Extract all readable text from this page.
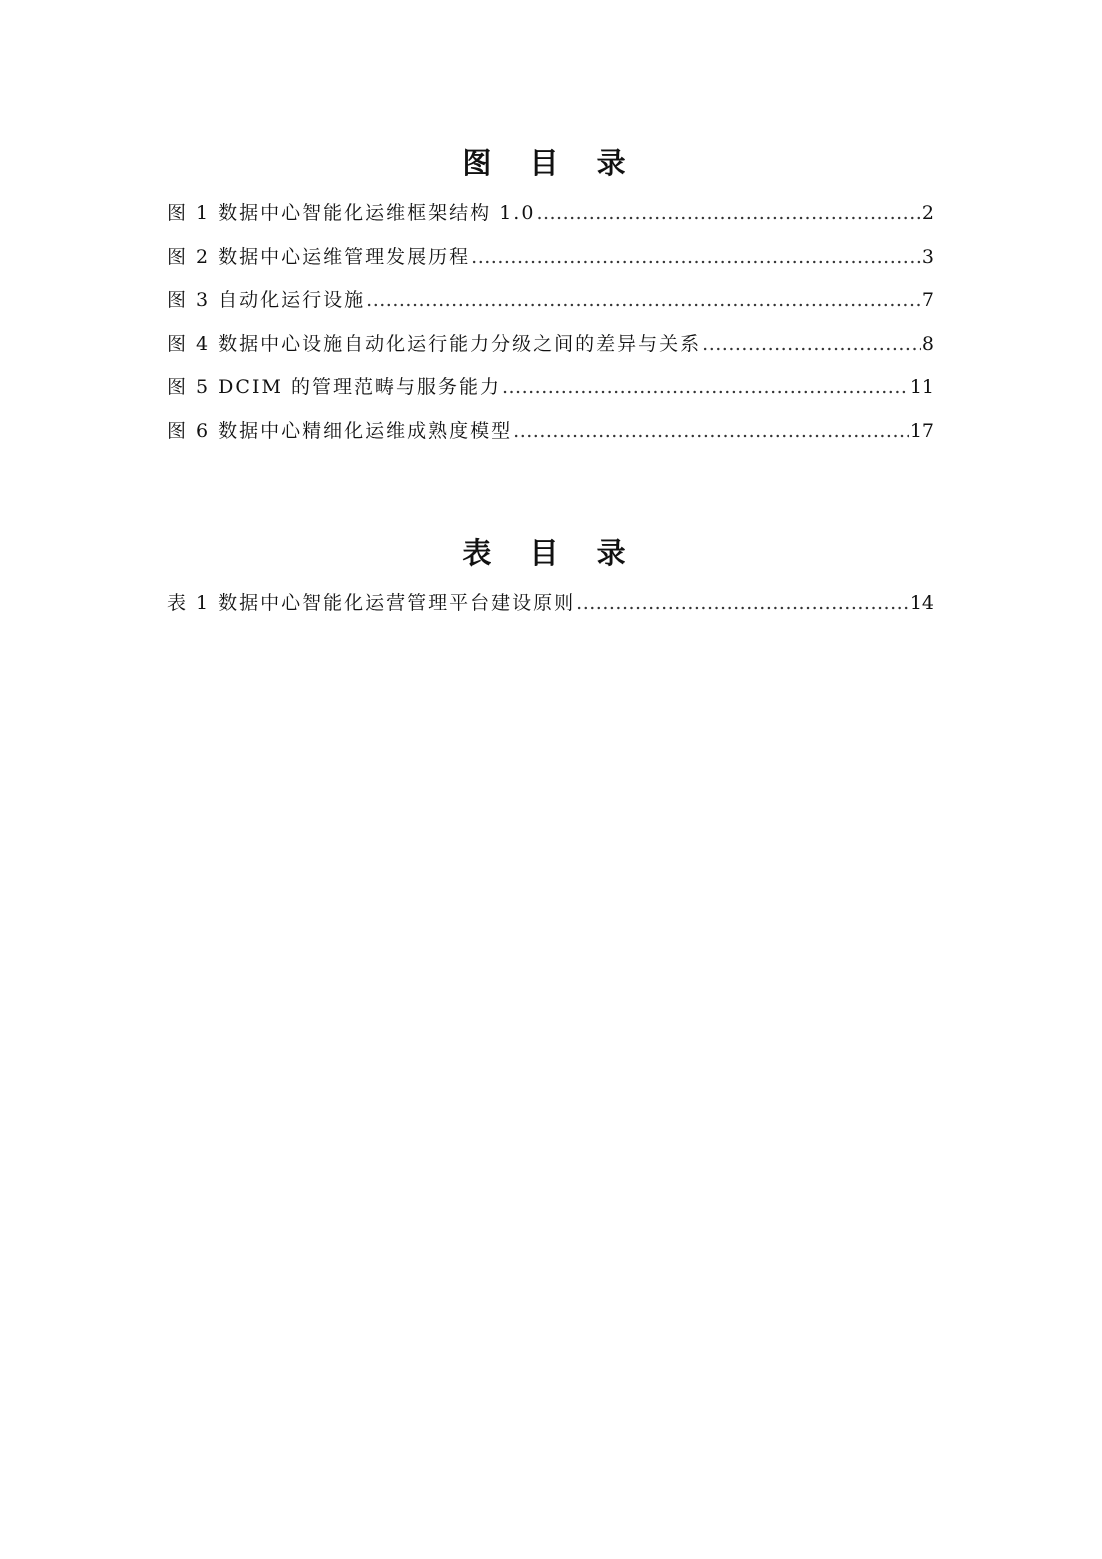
图 目 录
图 1 数据中心智能化运维框架结构 1.0 .....	2
图 2 数据中心运维管理发展历程 .....	3
图 3 自动化运行设施 .....	7
图 4 数据中心设施自动化运行能力分级之间的差异与关系 .....	8
图 5 DCIM 的管理范畴与服务能力 .....	11
图 6 数据中心精细化运维成熟度模型 .....	17
表 目 录
表 1 数据中心智能化运营管理平台建设原则 .....	14
